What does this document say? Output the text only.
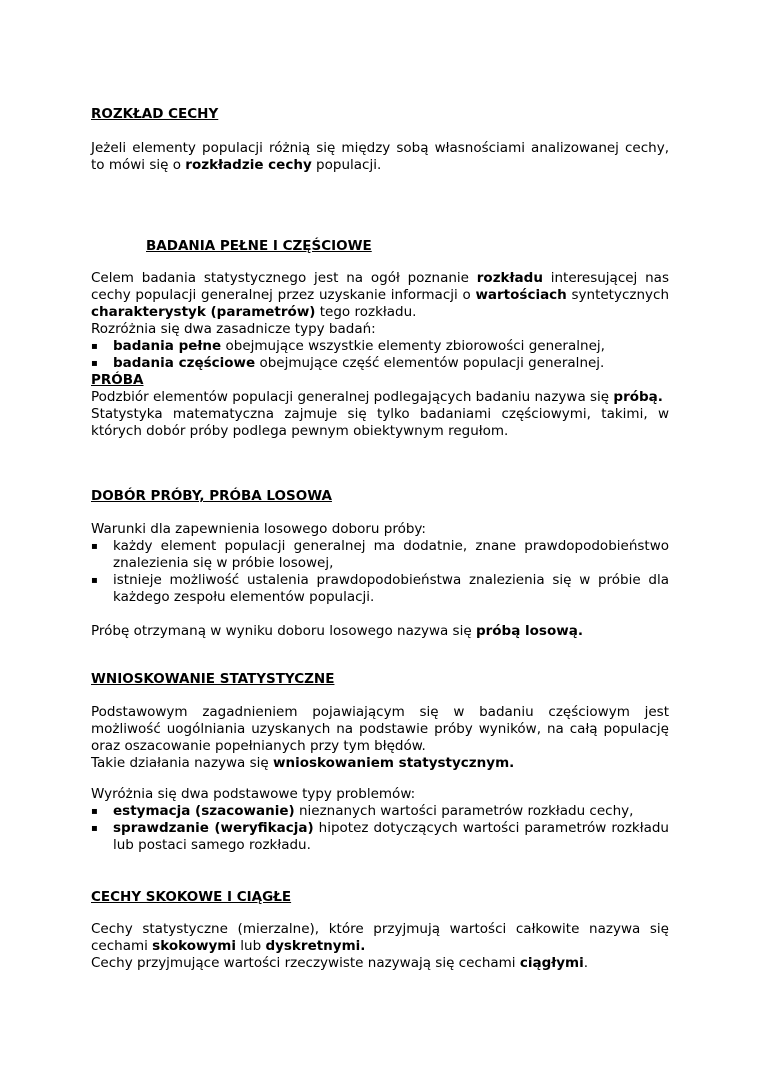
ROZKŁAD CECHY

Jeżeli elementy populacji różnią się między sobą własnościami analizowanej cechy, to mówi się o rozkładzie cechy populacji.

BADANIA PEŁNE I CZĘŚCIOWE

Celem badania statystycznego jest na ogół poznanie rozkładu interesującej nas cechy populacji generalnej przez uzyskanie informacji o wartościach syntetycznych charakterystyk (parametrów) tego rozkładu.

Rozróżnia się dwa zasadnicze typy badań:

▪ badania pełne obejmujące wszystkie elementy zbiorowości generalnej,
▪ badania częściowe obejmujące część elementów populacji generalnej.

PRÓBA

Podzbiór elementów populacji generalnej podlegających badaniu nazywa się próbą.

Statystyka matematyczna zajmuje się tylko badaniami częściowymi, takimi, w których dobór próby podlega pewnym obiektywnym regułom.

DOBÓR PRÓBY, PRÓBA LOSOWA

Warunki dla zapewnienia losowego doboru próby:

▪ każdy element populacji generalnej ma dodatnie, znane prawdopodobieństwo znalezienia się w próbie losowej,
▪ istnieje możliwość ustalenia prawdopodobieństwa znalezienia się w próbie dla każdego zespołu elementów populacji.

Próbę otrzymaną w wyniku doboru losowego nazywa się próbą losową.

WNIOSKOWANIE STATYSTYCZNE

Podstawowym zagadnieniem pojawiającym się w badaniu częściowym jest możliwość uogólniania uzyskanych na podstawie próby wyników, na całą populację oraz oszacowanie popełnianych przy tym błędów.

Takie działania nazywa się wnioskowaniem statystycznym.

Wyróżnia się dwa podstawowe typy problemów:

▪ estymacja (szacowanie) nieznanych wartości parametrów rozkładu cechy,
▪ sprawdzanie (weryfikacja) hipotez dotyczących wartości parametrów rozkładu lub postaci samego rozkładu.

CECHY SKOKOWE I CIĄGŁE

Cechy statystyczne (mierzalne), które przyjmują wartości całkowite nazywa się cechami skokowymi lub dyskretnymi.

Cechy przyjmujące wartości rzeczywiste nazywają się cechami ciągłymi.
